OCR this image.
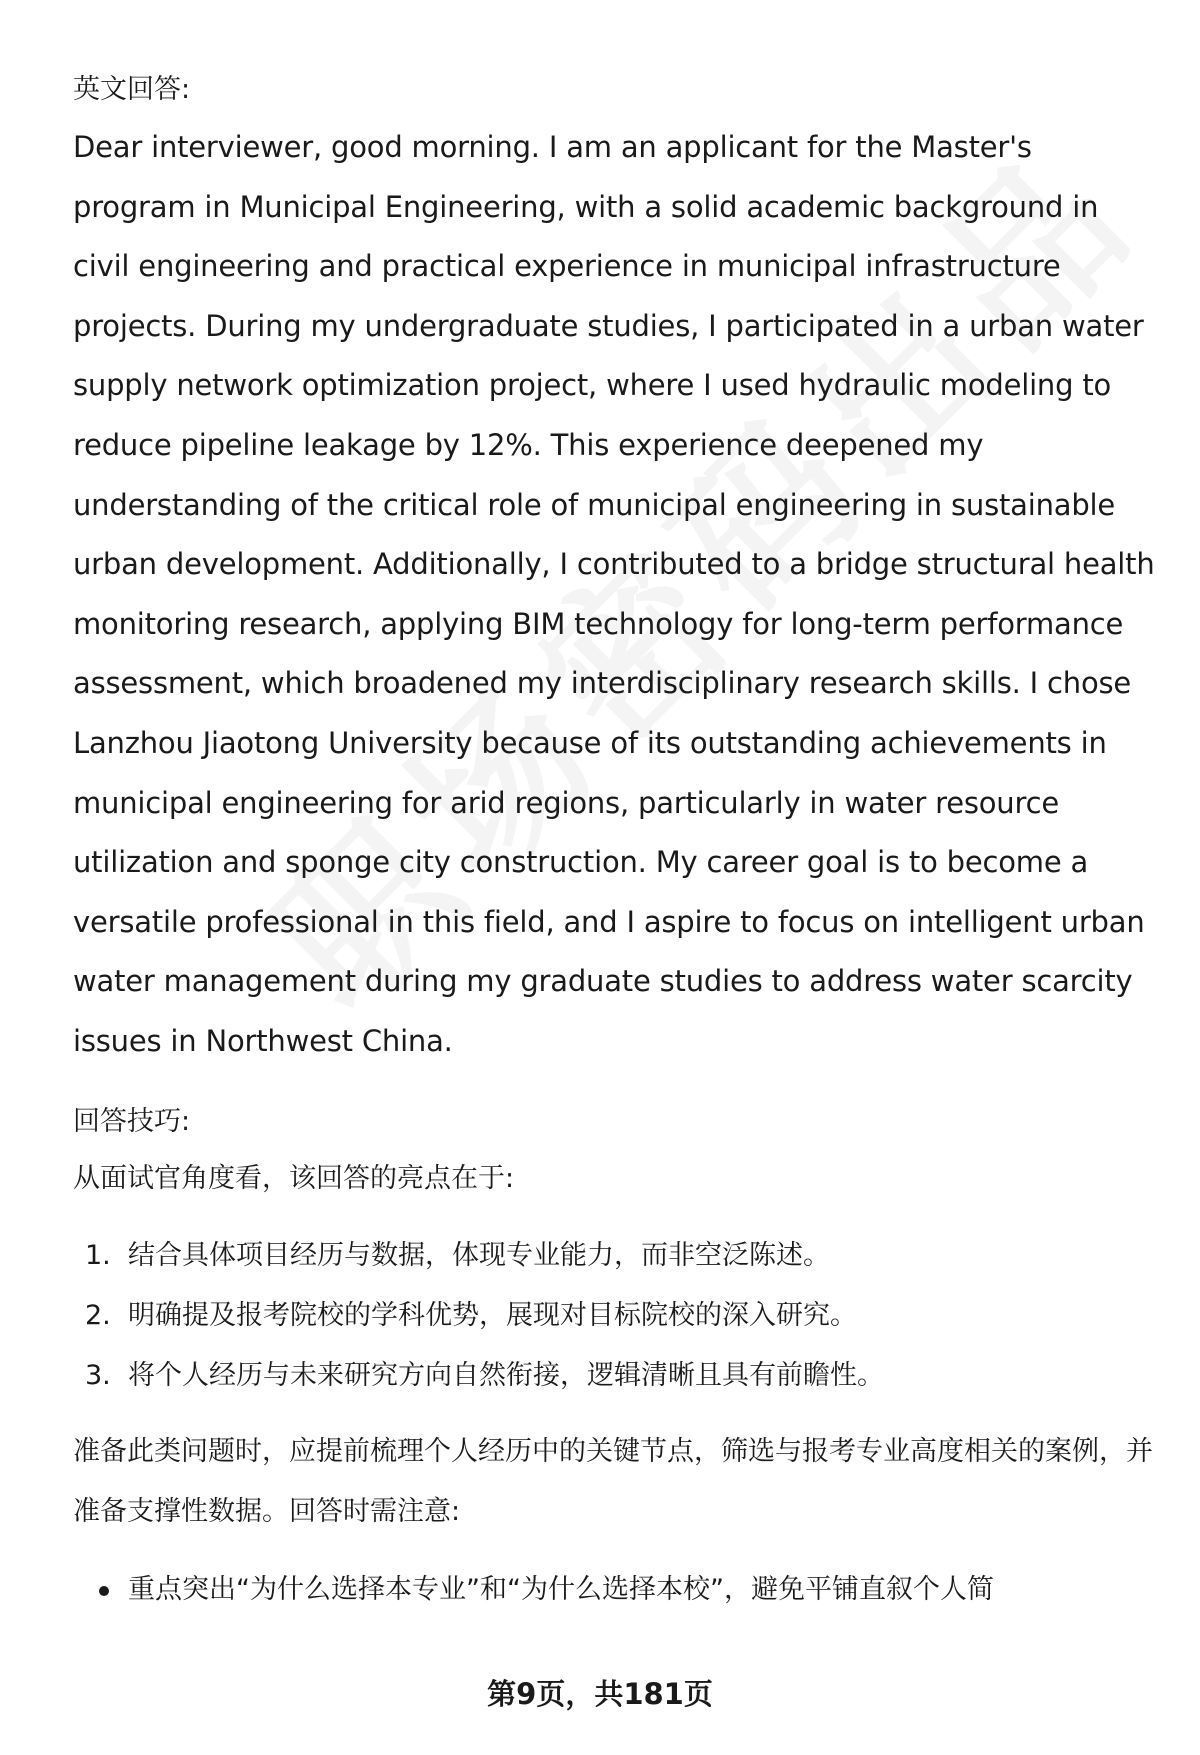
英文回答:

Dear interviewer, good morning. I am an applicant for the Master's program in Municipal Engineering, with a solid academic background in civil engineering and practical experience in municipal infrastructure projects. During my undergraduate studies, I participated in a urban water supply network optimization project, where I used hydraulic modeling to reduce pipeline leakage by 12%. This experience deepened my understanding of the critical role of municipal engineering in sustainable urban development. Additionally, I contributed to a bridge structural health monitoring research, applying BIM technology for long-term performance assessment, which broadened my interdisciplinary research skills. I chose Lanzhou Jiaotong University because of its outstanding achievements in municipal engineering for arid regions, particularly in water resource utilization and sponge city construction. My career goal is to become a versatile professional in this field, and I aspire to focus on intelligent urban water management during my graduate studies to address water scarcity issues in Northwest China.

回答技巧:

从面试官角度看，该回答的亮点在于:

1. 结合具体项目经历与数据，体现专业能力，而非空泛陈述。
2. 明确提及报考院校的学科优势，展现对目标院校的深入研究。
3. 将个人经历与未来研究方向自然衔接，逻辑清晰且具有前瞻性。

准备此类问题时，应提前梳理个人经历中的关键节点，筛选与报考专业高度相关的案例，并准备支撑性数据。回答时需注意:

重点突出“为什么选择本专业”和“为什么选择本校”，避免平铺直叙个人简
第9页，共181页
